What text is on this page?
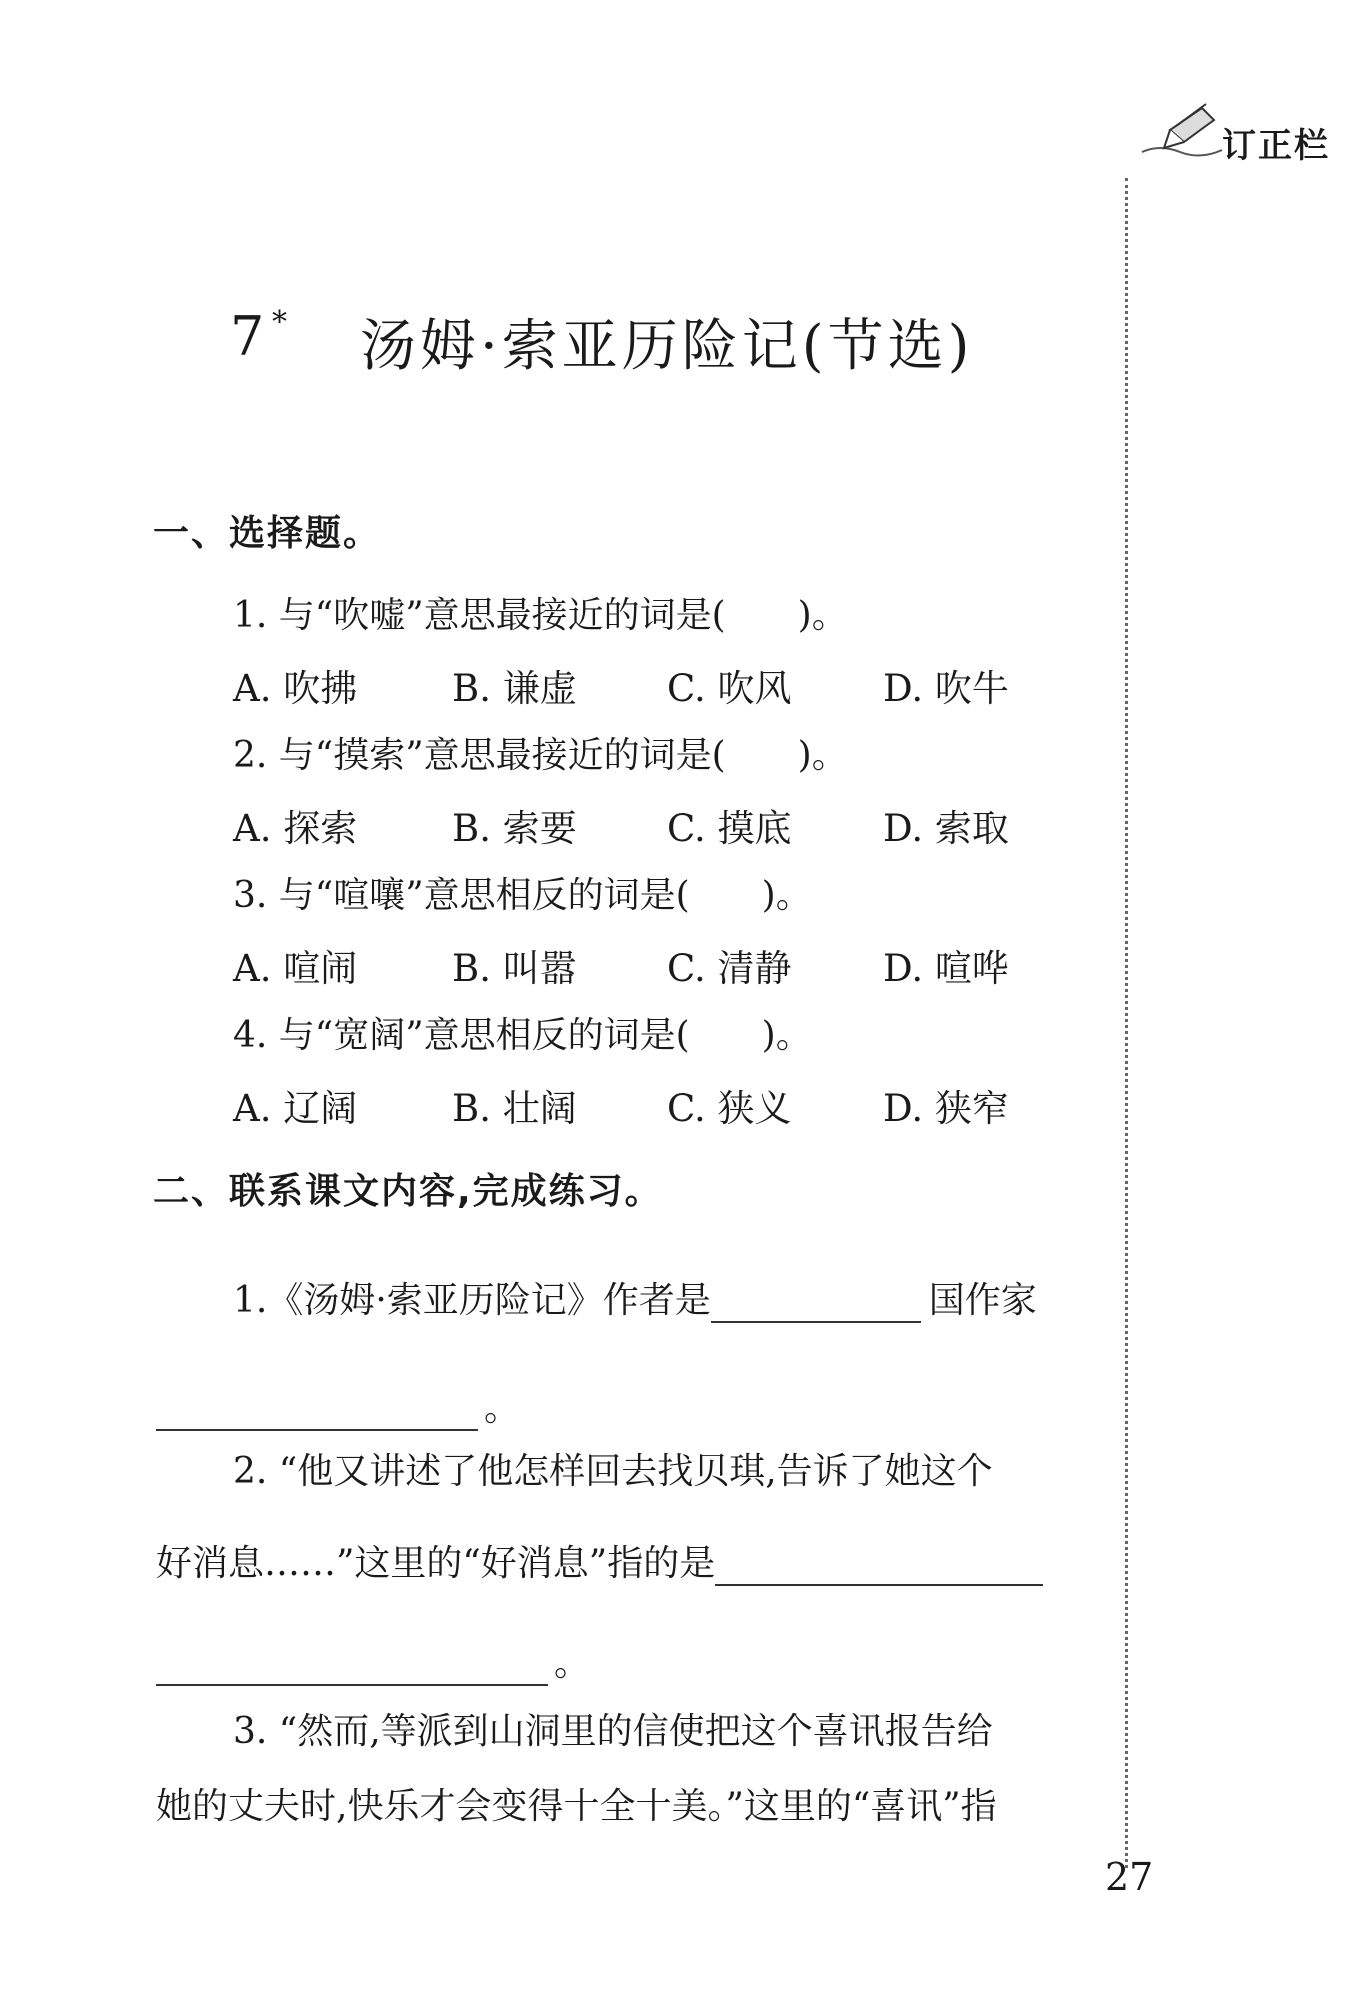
订正栏
7 * 汤姆·索亚历险记(节选)
一、选择题。
1. 与“吹嘘”意思最接近的词是(　　)。
A. 吹拂	B. 谦虚 C. 吹风 D. 吹牛
2. 与“摸索”意思最接近的词是(　　)。
A. 探索	B. 索要 C. 摸底 D. 索取
3. 与“喧嚷”意思相反的词是(　　)。
A. 喧闹	B. 叫嚣 C. 清静 D. 喧哗
4. 与“宽阔”意思相反的词是(　　)。
A. 辽阔	B. 壮阔 C. 狭义 D. 狭窄
二、联系课文内容,完成练习。
1.《汤姆·索亚历险记》作者是	国作家
。
2. “他又讲述了他怎样回去找贝琪,告诉了她这个
好消息……”这里的“好消息”指的是
。
3. “然而,等派到山洞里的信使把这个喜讯报告给
她的丈夫时,快乐才会变得十全十美。”这里的“喜讯”指
27
